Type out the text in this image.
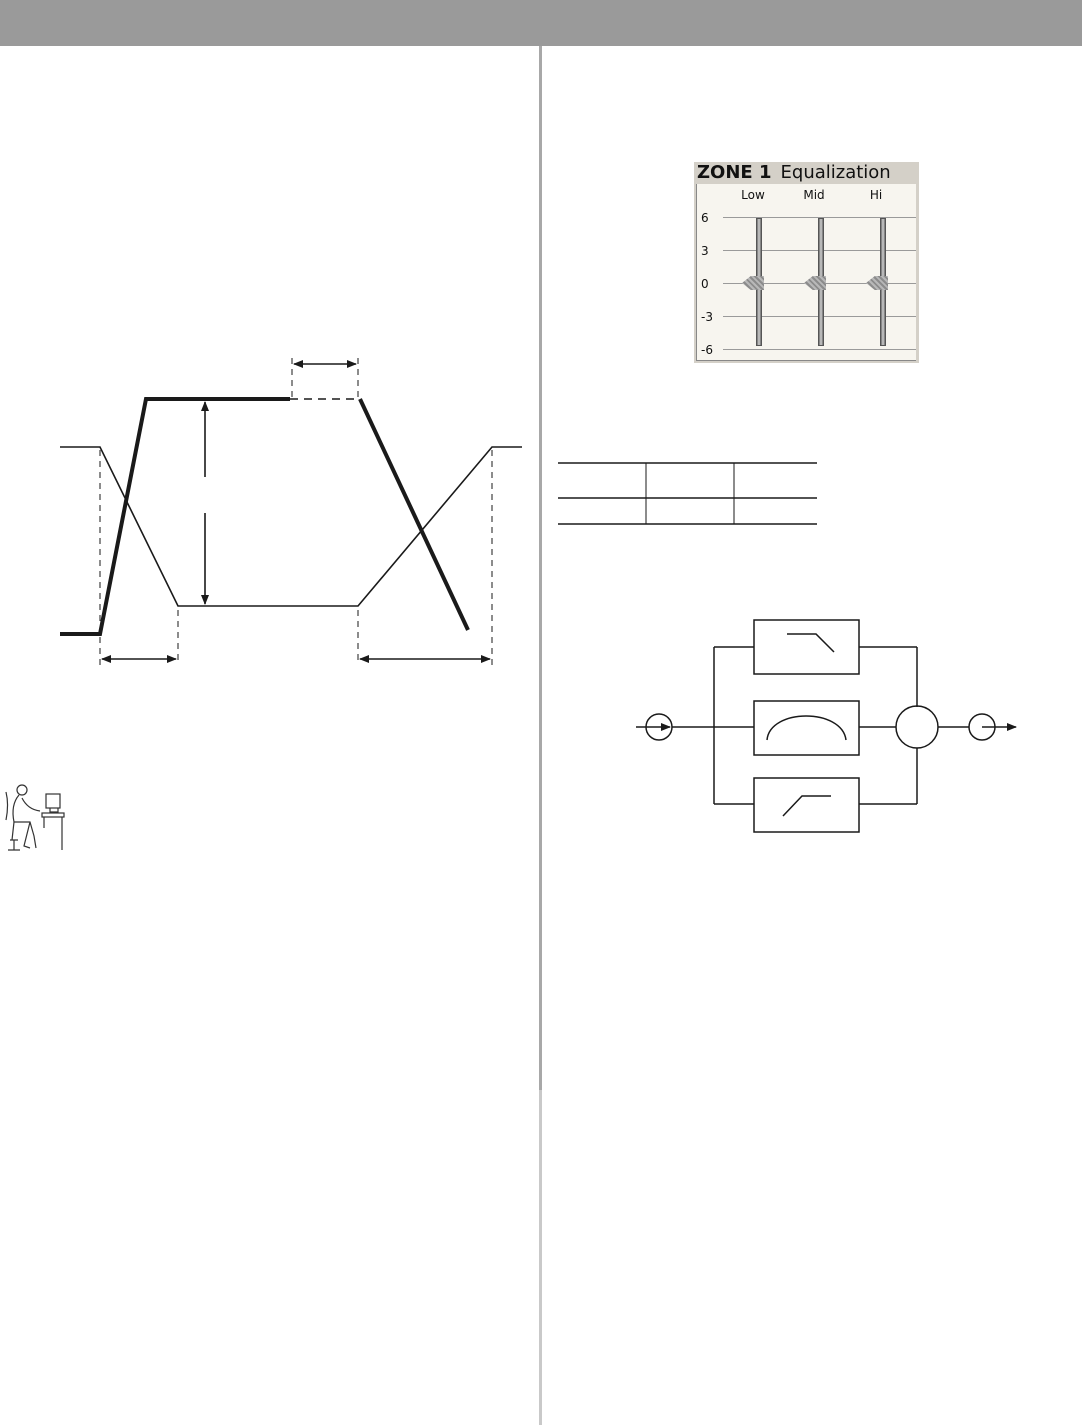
ZONE 1 Equalization
Low	Mid	Hi
6
3
0
-3
-6
